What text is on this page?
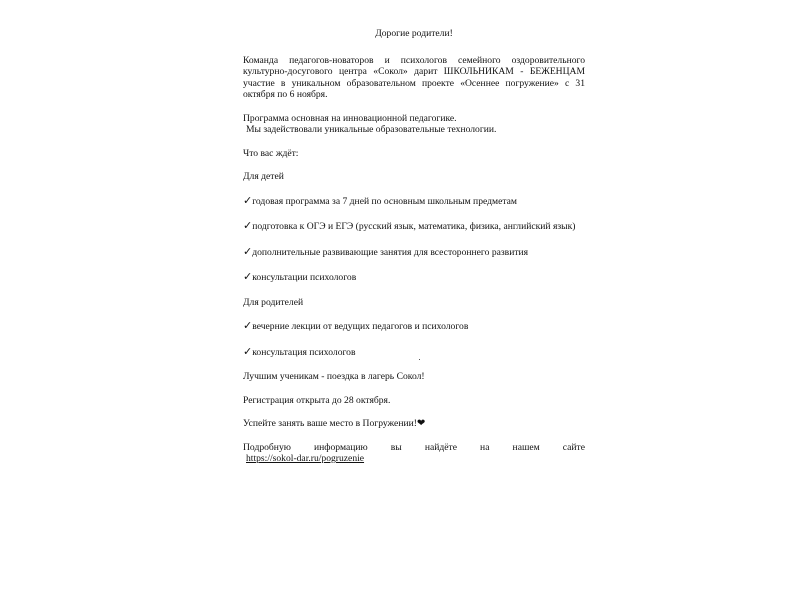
Дорогие родители!
Команда педагогов-новаторов и психологов семейного оздоровительного культурно-досугового центра «Сокол» дарит ШКОЛЬНИКАМ - БЕЖЕНЦАМ участие в уникальном образовательном проекте «Осеннее погружение» с 31 октября по 6 ноября.
Программа основная на инновационной педагогике.
Мы задействовали уникальные образовательные технологии.
Что вас ждёт:
Для детей
✓годовая программа за 7 дней по основным школьным предметам
✓подготовка к ОГЭ и ЕГЭ (русский язык, математика, физика, английский язык)
✓дополнительные развивающие занятия для всестороннего развития
✓консультации психологов
Для родителей
✓вечерние лекции от ведущих педагогов и психологов
✓консультация психологов
Лучшим ученикам - поездка в лагерь Сокол!
Регистрация открыта до 28 октября.
Успейте занять ваше место в Погружении!❤
Подробную информацию вы найдёте на нашем сайте
https://sokol-dar.ru/pogruzenie
